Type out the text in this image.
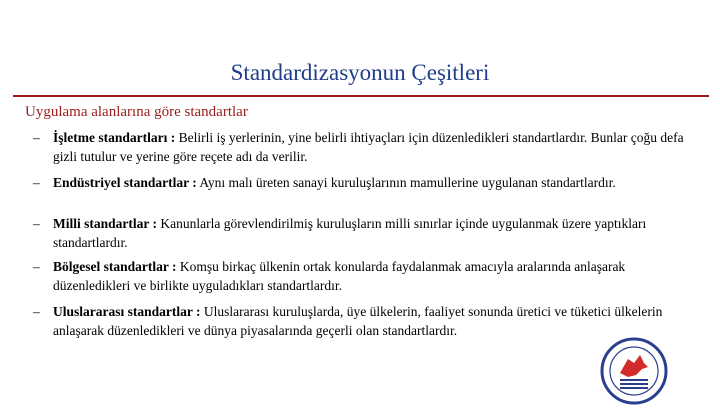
Standardizasyonun Çeşitleri
Uygulama alanlarına göre standartlar
– İşletme standartları : Belirli iş yerlerinin, yine belirli ihtiyaçları için düzenledikleri standartlardır. Bunlar çoğu defa gizli tutulur ve yerine göre reçete adı da verilir.
– Endüstriyel standartlar : Aynı malı üreten sanayi kuruluşlarının mamullerine uygulanan standartlardır.
– Milli standartlar : Kanunlarla görevlendirilmiş kuruluşların milli sınırlar içinde uygulanmak üzere yaptıkları standartlardır.
– Bölgesel standartlar : Komşu birkaç ülkenin ortak konularda faydalanmak amacıyla aralarında anlaşarak düzenledikleri ve birlikte uyguladıkları standartlardır.
– Uluslararası standartlar : Uluslararası kuruluşlarda, üye ülkelerin, faaliyet sonunda üretici ve tüketici ülkelerin anlaşarak düzenledikleri ve dünya piyasalarında geçerli olan standartlardır.
